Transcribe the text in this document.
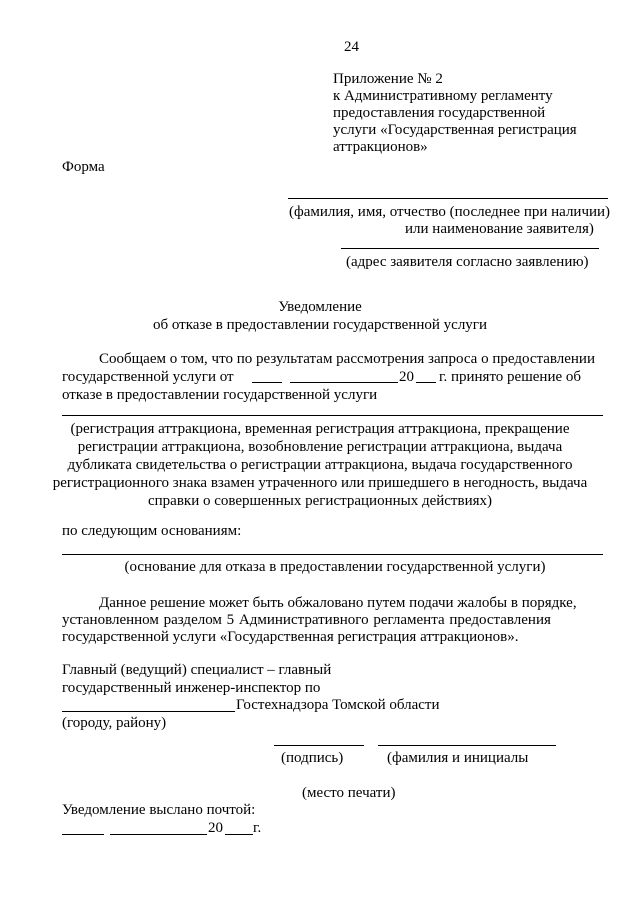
24
Приложение № 2
к Административному регламенту
предоставления государственной
услуги «Государственная регистрация
аттракционов»
Форма
(фамилия, имя, отчество (последнее при наличии)
или наименование заявителя)
(адрес заявителя согласно заявлению)
Уведомление
об отказе в предоставлении государственной услуги
Сообщаем о том, что по результатам рассмотрения запроса о предоставлении
государственной услуги от	20 г. принято решение об
отказе в предоставлении государственной услуги
(регистрация аттракциона, временная регистрация аттракциона, прекращение
регистрации аттракциона, возобновление регистрации аттракциона, выдача
дубликата свидетельства о регистрации аттракциона, выдача государственного
регистрационного знака взамен утраченного или пришедшего в негодность, выдача
справки о совершенных регистрационных действиях)
по следующим основаниям:
(основание для отказа в предоставлении государственной услуги)
Данное решение может быть обжаловано путем подачи жалобы в порядке,
установленном разделом 5 Административного регламента предоставления
государственной услуги «Государственная регистрация аттракционов».
Главный (ведущий) специалист – главный
государственный инженер-инспектор по
Гостехнадзора Томской области
(городу, району)
(подпись)	(фамилия и инициалы
(место печати)
Уведомление выслано почтой:
20 г.
